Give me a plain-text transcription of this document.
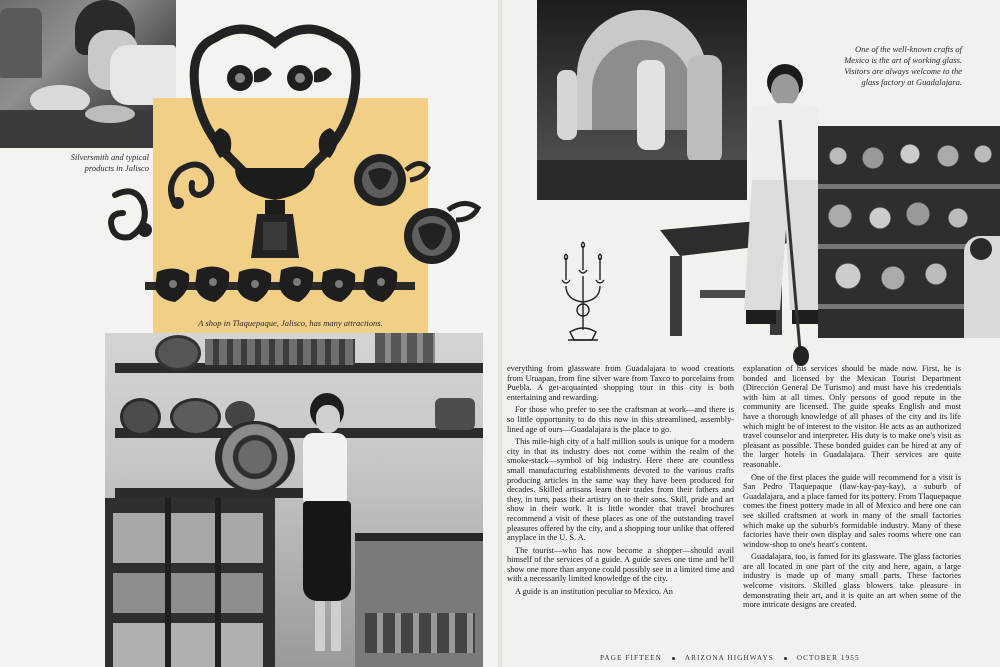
Silversmith and typical products in Jalisco
A shop in Tlaquepaque, Jalisco, has many attractions.
One of the well-known crafts of Mexico is the art of working glass. Visitors are always welcome to the glass factory at Guadalajara.

everything from glassware from Guadalajara to wood creations from Uruapan, from fine silver ware from Taxco to porcelains from Puebla. A get-acquainted shopping tour in this city is both entertaining and rewarding.

For those who prefer to see the craftsman at work—and there is so little opportunity to do this now in this streamlined, assembly-lined age of ours—Guadalajara is the place to go.

This mile-high city of a half million souls is unique for a modern city in that its industry does not come within the realm of the smoke-stack—symbol of big industry. Here there are countless small manufacturing establishments devoted to the various crafts producing articles in the same way they have been produced for decades. Skilled artisans learn their trades from their fathers and they, in turn, pass their artistry on to their sons. Skill, pride and art show in their work. It is little wonder that travel brochures recommend a visit of these places as one of the outstanding travel pleasures offered by the city, and a shopping tour unlike that offered anyplace in the U. S. A.

The tourist—who has now become a shopper—should avail himself of the services of a guide. A guide saves one time and he'll show one more than anyone could possibly see in a limited time and with a necessarily limited knowledge of the city.

A guide is an institution peculiar to Mexico. An

explanation of his services should be made now. First, he is bonded and licensed by the Mexican Tourist Department (Dirección General De Turismo) and must have his credentials with him at all times. Only persons of good repute in the community are licensed. The guide speaks English and must have a thorough knowledge of all phases of the city and its life which might be of interest to the visitor. He acts as an authorized travel counselor and interpreter. His duty is to make one's visit as pleasant as possible. These bonded guides can be hired at any of the larger hotels in Guadalajara. Their services are quite reasonable.

One of the first places the guide will recommend for a visit is San Pedro Tlaquepaque (tlaw-kay-pay-kay), a suburb of Guadalajara, and a place famed for its pottery. From Tlaquepaque comes the finest pottery made in all of Mexico and here one can see skilled craftsmen at work in many of the small factories which make up the suburb's formidable industry. Many of these factories have their own display and sales rooms where one can window-shop to one's heart's content.

Guadalajara, too, is famed for its glassware. The glass factories are all located in one part of the city and here, again, a large industry is made up of many small parts. These factories welcome visitors. Skilled glass blowers take pleasure in demonstrating their art, and it is quite an art when some of the more intricate designs are created.

PAGE FIFTEEN	ARIZONA HIGHWAYS	OCTOBER 1955
